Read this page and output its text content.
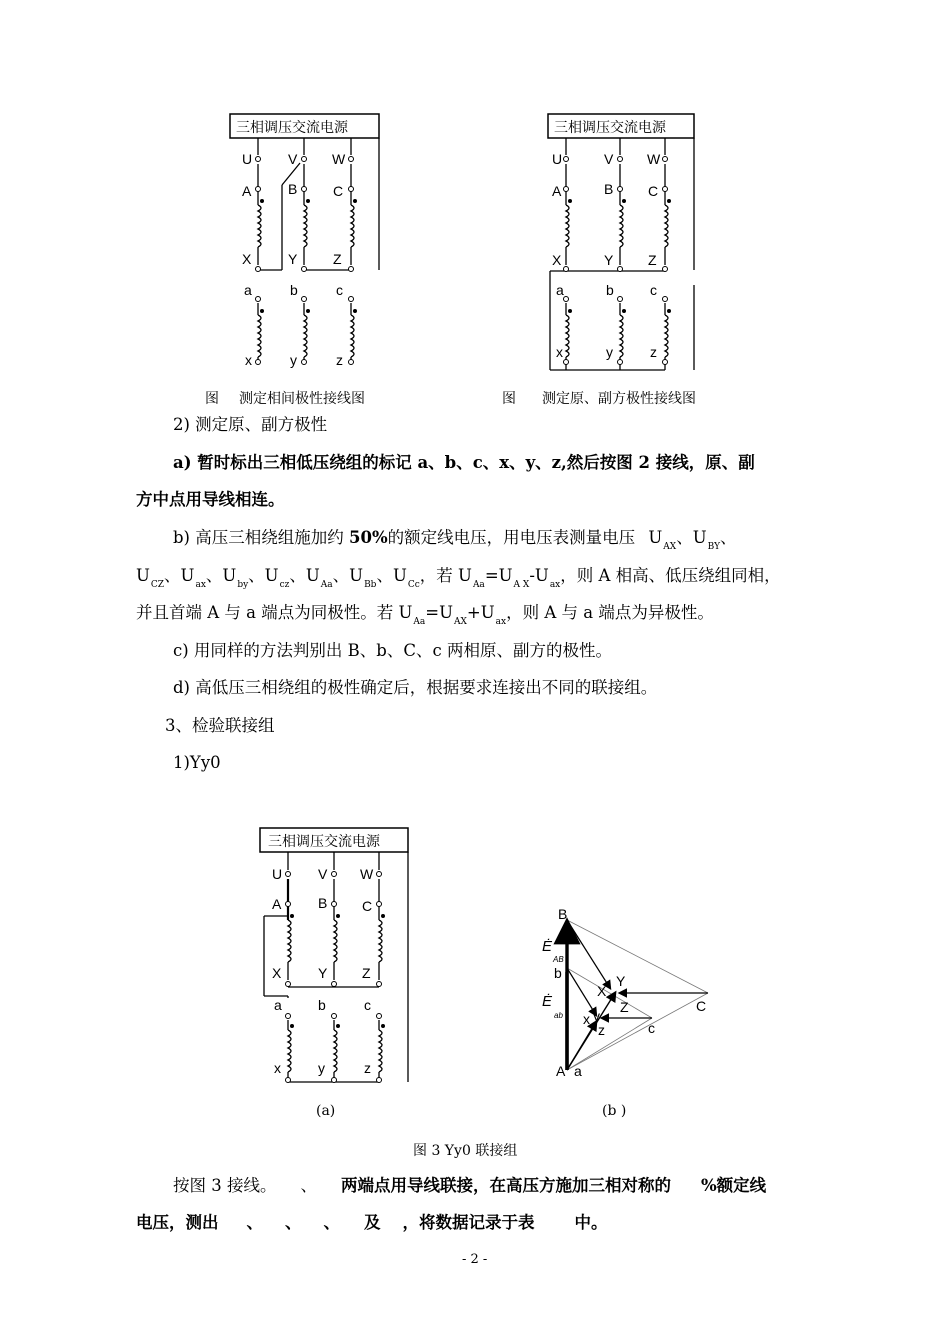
三相调压交流电源
U	V W
A	B	C
X	Y	Z
a	b	c
x	y	z
图 测定相间极性接线图
三相调压交流电源
U	V W
A	B C
X	Y Z
a	b	c
x	y	z
图 测定原、副方极性接线图
2) 测定原、副方极性
a) 暂时标出三相低压绕组的标记 a、b、c、x、y、z,然后按图 2 接线，原、副
方中点用导线相连。
b) 高压三相绕组施加约 50%的额定线电压，用电压表测量电压 $U_{AX}$、$U_{BY}$、
$U_{CZ}$、$U_{ax}$、$U_{by}$、$U_{cz}$、$U_{Aa}$、$U_{Bb}$、$U_{Cc}$，若 $U_{Aa}=U_{A X}-U_{ax}$，则 A 相高、低压绕组同相，
并且首端 A 与 a 端点为同极性。若 $U_{Aa}=U_{AX}+U_{ax}$，则 A 与 a 端点为异极性。
c) 用同样的方法判别出 B、b、C、c 两相原、副方的极性。
d) 高低压三相绕组的极性确定后，根据要求连接出不同的联接组。
3、检验联接组
1)Yy0
三相调压交流电源
U	V W
A	B C
X	Y Z
a	b	c
x	y	z
B
b
A a
C
c
X
Y
Z
x y
z
Ė
AB
Ė
ab
(a)	(b )
图 3 Yy0 联接组
按图 3 接线。 、 两端点用导线联接，在高压方施加三相对称的 %额定线
电压，测出 、 、 、 及 ，将数据记录于表 中。
- 2 -
